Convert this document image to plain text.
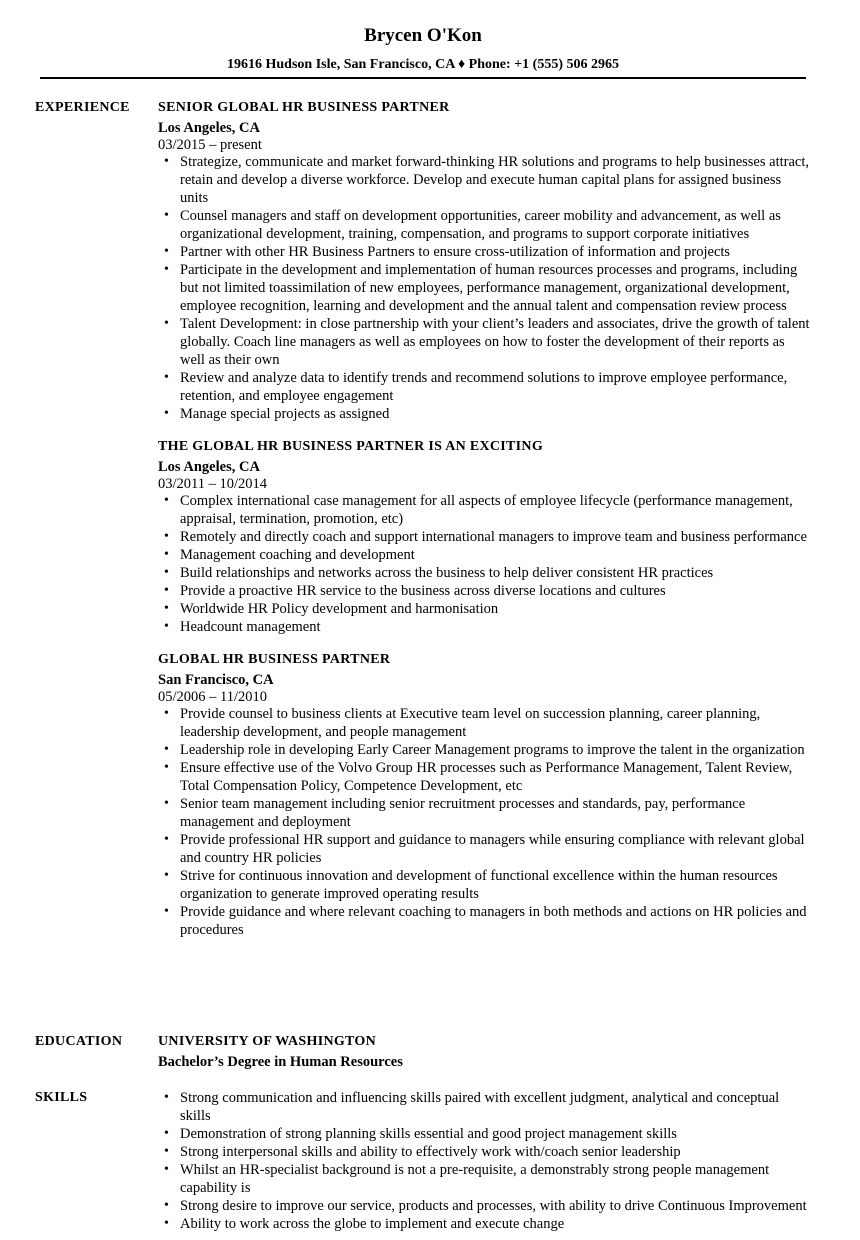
Brycen O'Kon
19616 Hudson Isle, San Francisco, CA ♦ Phone: +1 (555) 506 2965
EXPERIENCE	SENIOR GLOBAL HR BUSINESS PARTNER
Los Angeles, CA
03/2015 – present
• Strategize, communicate and market forward-thinking HR solutions and programs to help businesses attract, retain and develop a diverse workforce. Develop and execute human capital plans for assigned business units
• Counsel managers and staff on development opportunities, career mobility and advancement, as well as organizational development, training, compensation, and programs to support corporate initiatives
• Partner with other HR Business Partners to ensure cross-utilization of information and projects
• Participate in the development and implementation of human resources processes and programs, including but not limited toassimilation of new employees, performance management, organizational development, employee recognition, learning and development and the annual talent and compensation review process
• Talent Development: in close partnership with your client’s leaders and associates, drive the growth of talent globally. Coach line managers as well as employees on how to foster the development of their reports as well as their own
• Review and analyze data to identify trends and recommend solutions to improve employee performance, retention, and employee engagement
• Manage special projects as assigned
THE GLOBAL HR BUSINESS PARTNER IS AN EXCITING
Los Angeles, CA
03/2011 – 10/2014
• Complex international case management for all aspects of employee lifecycle (performance management, appraisal, termination, promotion, etc)
• Remotely and directly coach and support international managers to improve team and business performance
• Management coaching and development
• Build relationships and networks across the business to help deliver consistent HR practices
• Provide a proactive HR service to the business across diverse locations and cultures
• Worldwide HR Policy development and harmonisation
• Headcount management
GLOBAL HR BUSINESS PARTNER
San Francisco, CA
05/2006 – 11/2010
• Provide counsel to business clients at Executive team level on succession planning, career planning, leadership development, and people management
• Leadership role in developing Early Career Management programs to improve the talent in the organization
• Ensure effective use of the Volvo Group HR processes such as Performance Management, Talent Review, Total Compensation Policy, Competence Development, etc
• Senior team management including senior recruitment processes and standards, pay, performance management and deployment
• Provide professional HR support and guidance to managers while ensuring compliance with relevant global and country HR policies
• Strive for continuous innovation and development of functional excellence within the human resources organization to generate improved operating results
• Provide guidance and where relevant coaching to managers in both methods and actions on HR policies and procedures
EDUCATION	UNIVERSITY OF WASHINGTON
Bachelor’s Degree in Human Resources
SKILLS
•	Strong communication and influencing skills paired with excellent judgment, analytical and conceptual skills
• Demonstration of strong planning skills essential and good project management skills
• Strong interpersonal skills and ability to effectively work with/coach senior leadership
• Whilst an HR-specialist background is not a pre-requisite, a demonstrably strong people management capability is
• Strong desire to improve our service, products and processes, with ability to drive Continuous Improvement
• Ability to work across the globe to implement and execute change
